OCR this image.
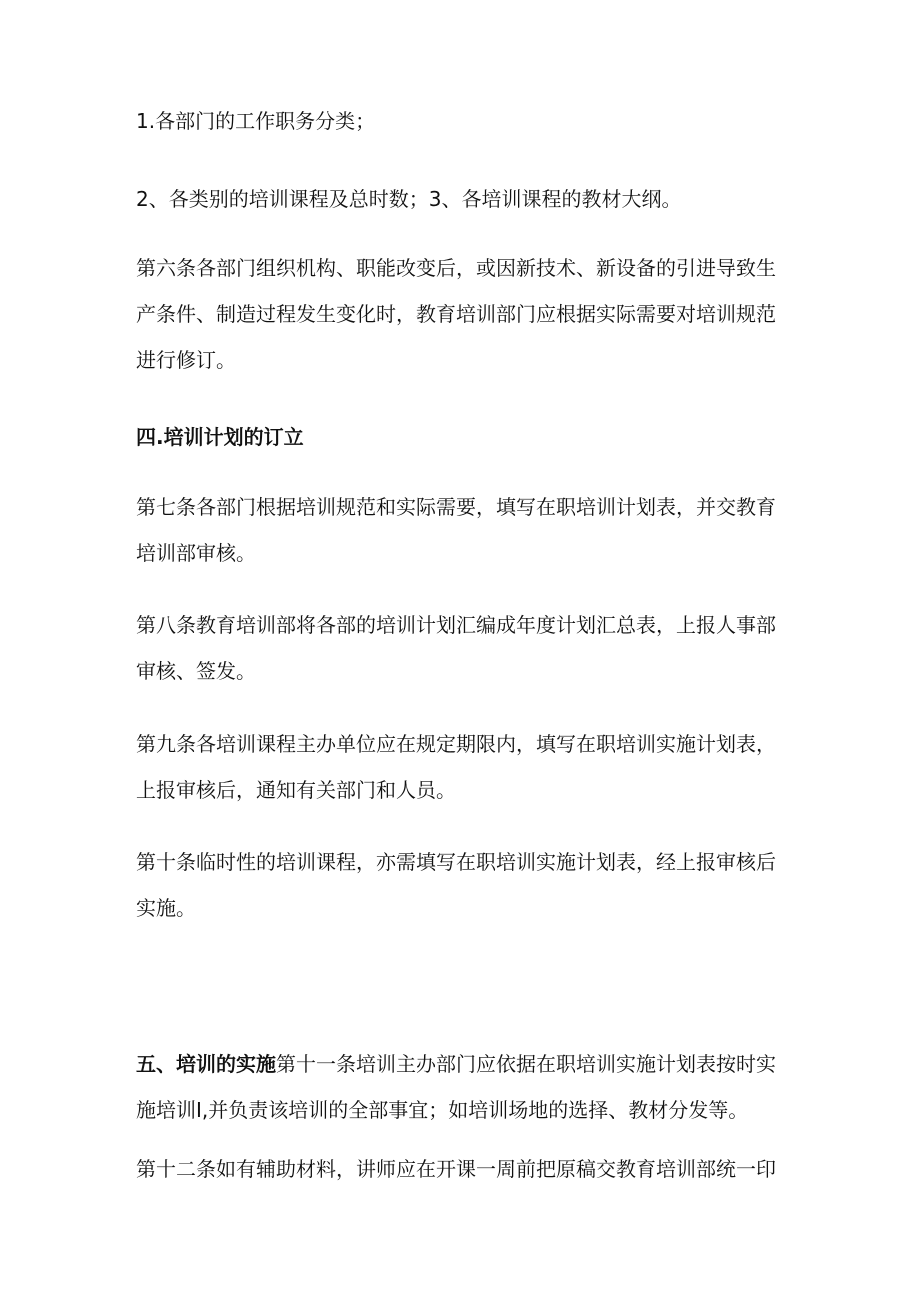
1.各部门的工作职务分类；

2、各类别的培训课程及总时数；3、各培训课程的教材大纲。

第六条各部门组织机构、职能改变后，或因新技术、新设备的引进导致生产条件、制造过程发生变化时，教育培训部门应根据实际需要对培训规范进行修订。

四.培训计划的订立

第七条各部门根据培训规范和实际需要，填写在职培训计划表，并交教育培训部审核。

第八条教育培训部将各部的培训计划汇编成年度计划汇总表，上报人事部审核、签发。

第九条各培训课程主办单位应在规定期限内，填写在职培训实施计划表，上报审核后，通知有关部门和人员。

第十条临时性的培训课程，亦需填写在职培训实施计划表，经上报审核后实施。

五、培训的实施第十一条培训主办部门应依据在职培训实施计划表按时实施培训I,并负责该培训的全部事宜；如培训场地的选择、教材分发等。

第十二条如有辅助材料，讲师应在开课一周前把原稿交教育培训部统一印
